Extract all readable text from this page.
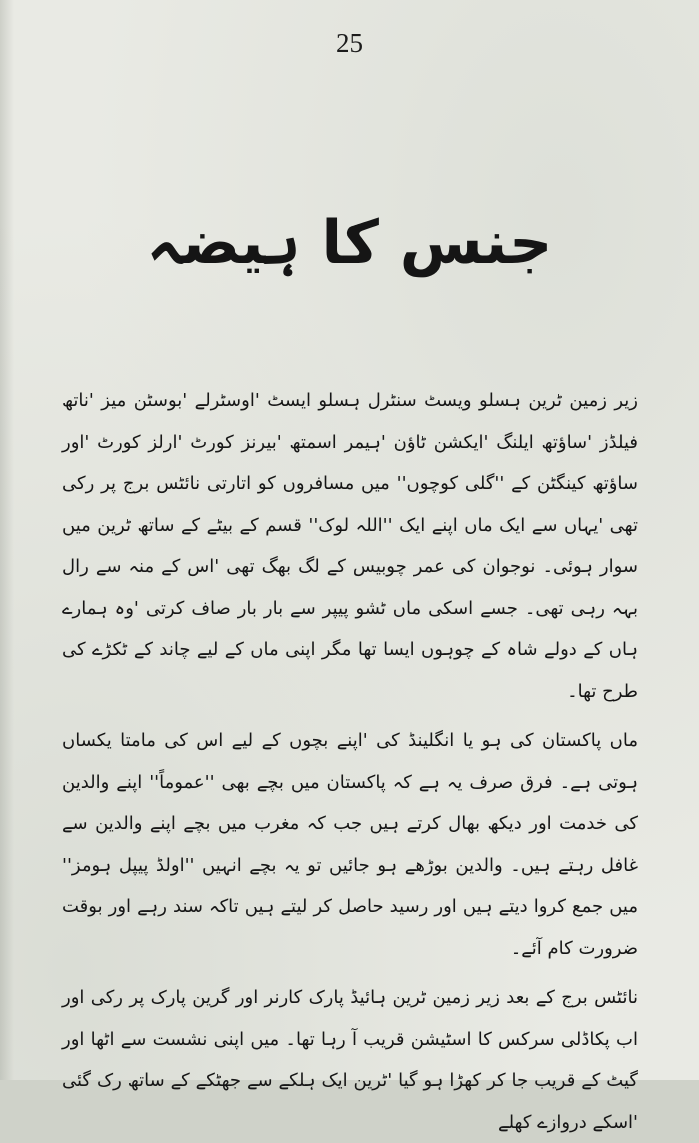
25
جنس کا ہیضہ

زیر زمین ٹرین ہسلو ویسٹ سنٹرل ہسلو ایسٹ 'اوسٹرلے 'بوسٹن میز 'ناتھ فیلڈز 'ساؤتھ ایلنگ 'ایکشن ٹاؤن 'ہیمر اسمتھ 'بیرنز کورٹ 'ارلز کورٹ 'اور ساؤتھ کینگٹن کے ''گلی کوچوں'' میں مسافروں کو اتارتی نائٹس برج پر رکی تھی 'یہاں سے ایک ماں اپنے ایک ''اللہ لوک'' قسم کے بیٹے کے ساتھ ٹرین میں سوار ہوئی۔ نوجوان کی عمر چوبیس کے لگ بھگ تھی 'اس کے منہ سے رال بہہ رہی تھی۔ جسے اسکی ماں ٹشو پیپر سے بار بار صاف کرتی 'وہ ہمارے ہاں کے دولے شاہ کے چوہوں ایسا تھا مگر اپنی ماں کے لیے چاند کے ٹکڑے کی طرح تھا۔

ماں پاکستان کی ہو یا انگلینڈ کی 'اپنے بچوں کے لیے اس کی مامتا یکساں ہوتی ہے۔ فرق صرف یہ ہے کہ پاکستان میں بچے بھی ''عموماً'' اپنے والدین کی خدمت اور دیکھ بھال کرتے ہیں جب کہ مغرب میں بچے اپنے والدین سے غافل رہتے ہیں۔ والدین بوڑھے ہو جائیں تو یہ بچے انہیں ''اولڈ پیپل ہومز'' میں جمع کروا دیتے ہیں اور رسید حاصل کر لیتے ہیں تاکہ سند رہے اور بوقت ضرورت کام آئے۔

نائٹس برج کے بعد زیر زمین ٹرین ہائیڈ پارک کارنر اور گرین پارک پر رکی اور اب پکاڈلی سرکس کا اسٹیشن قریب آ رہا تھا۔ میں اپنی نشست سے اٹھا اور گیٹ کے قریب جا کر کھڑا ہو گیا 'ٹرین ایک ہلکے سے جھٹکے کے ساتھ رک گئی 'اسکے دروازے کھلے
